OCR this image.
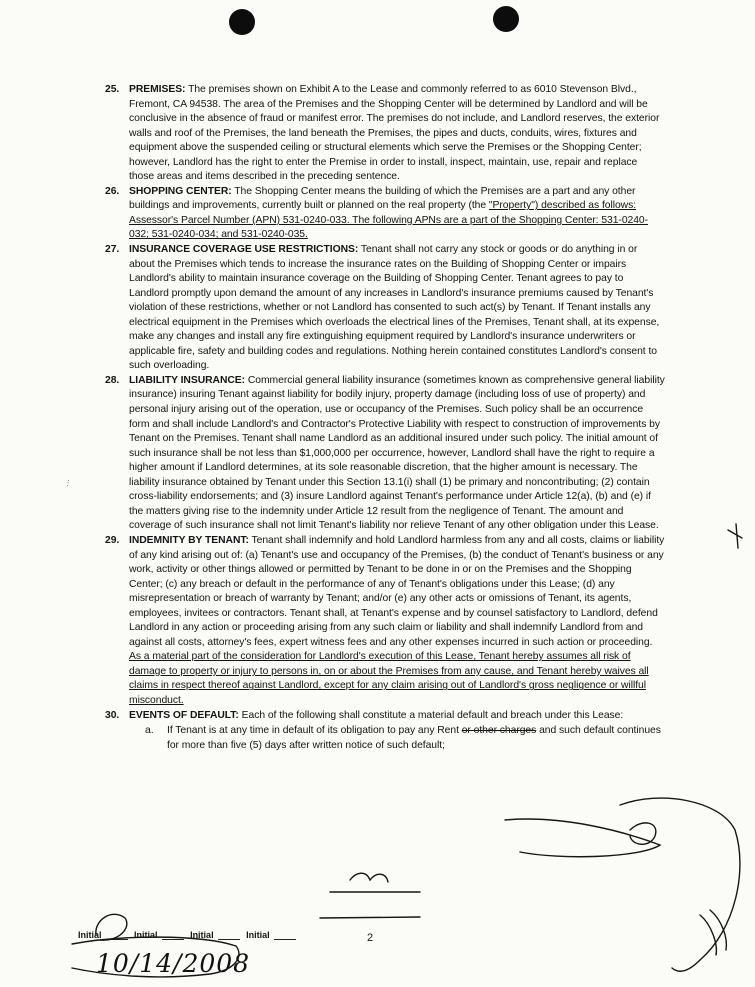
…
25. PREMISES: The premises shown on Exhibit A to the Lease and commonly referred to as 6010 Stevenson Blvd., Fremont, CA 94538. The area of the Premises and the Shopping Center will be determined by Landlord and will be conclusive in the absence of fraud or manifest error. The premises do not include, and Landlord reserves, the exterior walls and roof of the Premises, the land beneath the Premises, the pipes and ducts, conduits, wires, fixtures and equipment above the suspended ceiling or structural elements which serve the Premises or the Shopping Center; however, Landlord has the right to enter the Premise in order to install, inspect, maintain, use, repair and replace those areas and items described in the preceding sentence.
26. SHOPPING CENTER: The Shopping Center means the building of which the Premises are a part and any other buildings and improvements, currently built or planned on the real property (the "Property") described as follows: Assessor's Parcel Number (APN) 531-0240-033. The following APNs are a part of the Shopping Center: 531-0240-032; 531-0240-034; and 531-0240-035.
27. INSURANCE COVERAGE USE RESTRICTIONS: Tenant shall not carry any stock or goods or do anything in or about the Premises which tends to increase the insurance rates on the Building of Shopping Center or impairs Landlord's ability to maintain insurance coverage on the Building of Shopping Center. Tenant agrees to pay to Landlord promptly upon demand the amount of any increases in Landlord's insurance premiums caused by Tenant's violation of these restrictions, whether or not Landlord has consented to such act(s) by Tenant. If Tenant installs any electrical equipment in the Premises which overloads the electrical lines of the Premises, Tenant shall, at its expense, make any changes and install any fire extinguishing equipment required by Landlord's insurance underwriters or applicable fire, safety and building codes and regulations. Nothing herein contained constitutes Landlord's consent to such overloading.
28. LIABILITY INSURANCE: Commercial general liability insurance (sometimes known as comprehensive general liability insurance) insuring Tenant against liability for bodily injury, property damage (including loss of use of property) and personal injury arising out of the operation, use or occupancy of the Premises. Such policy shall be an occurrence form and shall include Landlord's and Contractor's Protective Liability with respect to construction of improvements by Tenant on the Premises. Tenant shall name Landlord as an additional insured under such policy. The initial amount of such insurance shall be not less than $1,000,000 per occurrence, however, Landlord shall have the right to require a higher amount if Landlord determines, at its sole reasonable discretion, that the higher amount is necessary. The liability insurance obtained by Tenant under this Section 13.1(i) shall (1) be primary and noncontributing; (2) contain cross-liability endorsements; and (3) insure Landlord against Tenant's performance under Article 12(a), (b) and (e) if the matters giving rise to the indemnity under Article 12 result from the negligence of Tenant. The amount and coverage of such insurance shall not limit Tenant's liability nor relieve Tenant of any other obligation under this Lease.
29. INDEMNITY BY TENANT: Tenant shall indemnify and hold Landlord harmless from any and all costs, claims or liability of any kind arising out of: (a) Tenant's use and occupancy of the Premises, (b) the conduct of Tenant's business or any work, activity or other things allowed or permitted by Tenant to be done in or on the Premises and the Shopping Center; (c) any breach or default in the performance of any of Tenant's obligations under this Lease; (d) any misrepresentation or breach of warranty by Tenant; and/or (e) any other acts or omissions of Tenant, its agents, employees, invitees or contractors. Tenant shall, at Tenant's expense and by counsel satisfactory to Landlord, defend Landlord in any action or proceeding arising from any such claim or liability and shall indemnify Landlord from and against all costs, attorney's fees, expert witness fees and any other expenses incurred in such action or proceeding. As a material part of the consideration for Landlord's execution of this Lease, Tenant hereby assumes all risk of damage to property or injury to persons in, on or about the Premises from any cause, and Tenant hereby waives all claims in respect thereof against Landlord, except for any claim arising out of Landlord's gross negligence or willful misconduct.
30. EVENTS OF DEFAULT: Each of the following shall constitute a material default and breach under this Lease:
a. If Tenant is at any time in default of its obligation to pay any Rent or other charges and such default continues for more than five (5) days after written notice of such default;
Initial	Initial	Initial	Initial	2
10/14/2008
